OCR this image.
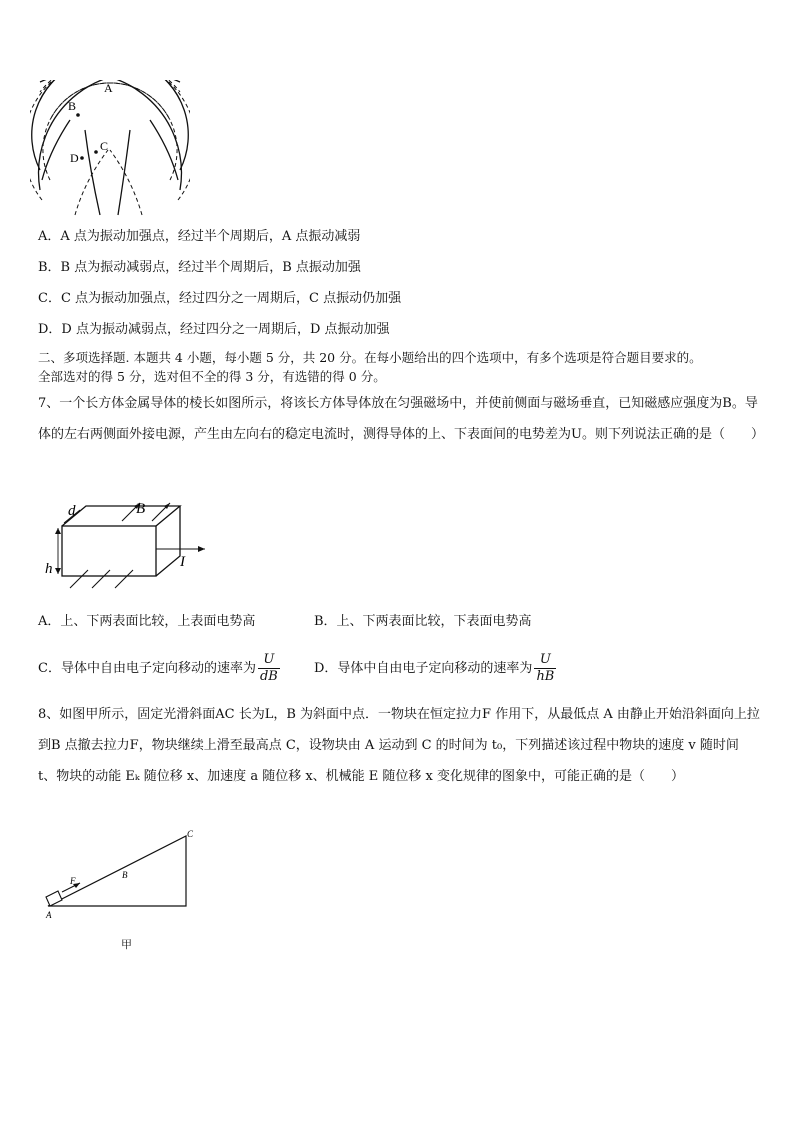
A
B
C
D
A．A 点为振动加强点，经过半个周期后，A 点振动减弱
B．B 点为振动减弱点，经过半个周期后，B 点振动加强
C．C 点为振动加强点，经过四分之一周期后，C 点振动仍加强
D．D 点为振动减弱点，经过四分之一周期后，D 点振动加强
二、多项选择题. 本题共 4 小题，每小题 5 分，共 20 分。在每小题给出的四个选项中，有多个选项是符合题目要求的。
全部选对的得 5 分，选对但不全的得 3 分，有选错的得 0 分。
7、一个长方体金属导体的棱长如图所示，将该长方体导体放在匀强磁场中，并使前侧面与磁场垂直，已知磁感应强度为B。导体的左右两侧面外接电源，产生由左向右的稳定电流时，测得导体的上、下表面间的电势差为U。则下列说法正确的是（　　）
d	B
h	I
A．上、下两表面比较，上表面电势高	B．上、下两表面比较，下表面电势高
C．导体中自由电子定向移动的速率为 $\frac{U}{dB}$	D．导体中自由电子定向移动的速率为 $\frac{U}{hB}$
8、如图甲所示，固定光滑斜面AC 长为L，B 为斜面中点．一物块在恒定拉力F 作用下，从最低点 A 由静止开始沿斜面向上拉到B 点撤去拉力F，物块继续上滑至最高点 C，设物块由 A 运动到 C 的时间为 t₀，下列描述该过程中物块的速度 v 随时间 t、物块的动能 Eₖ 随位移 x、加速度 a 随位移 x、机械能 E 随位移 x 变化规律的图象中，可能正确的是（　　）
A
B
C
F
甲
